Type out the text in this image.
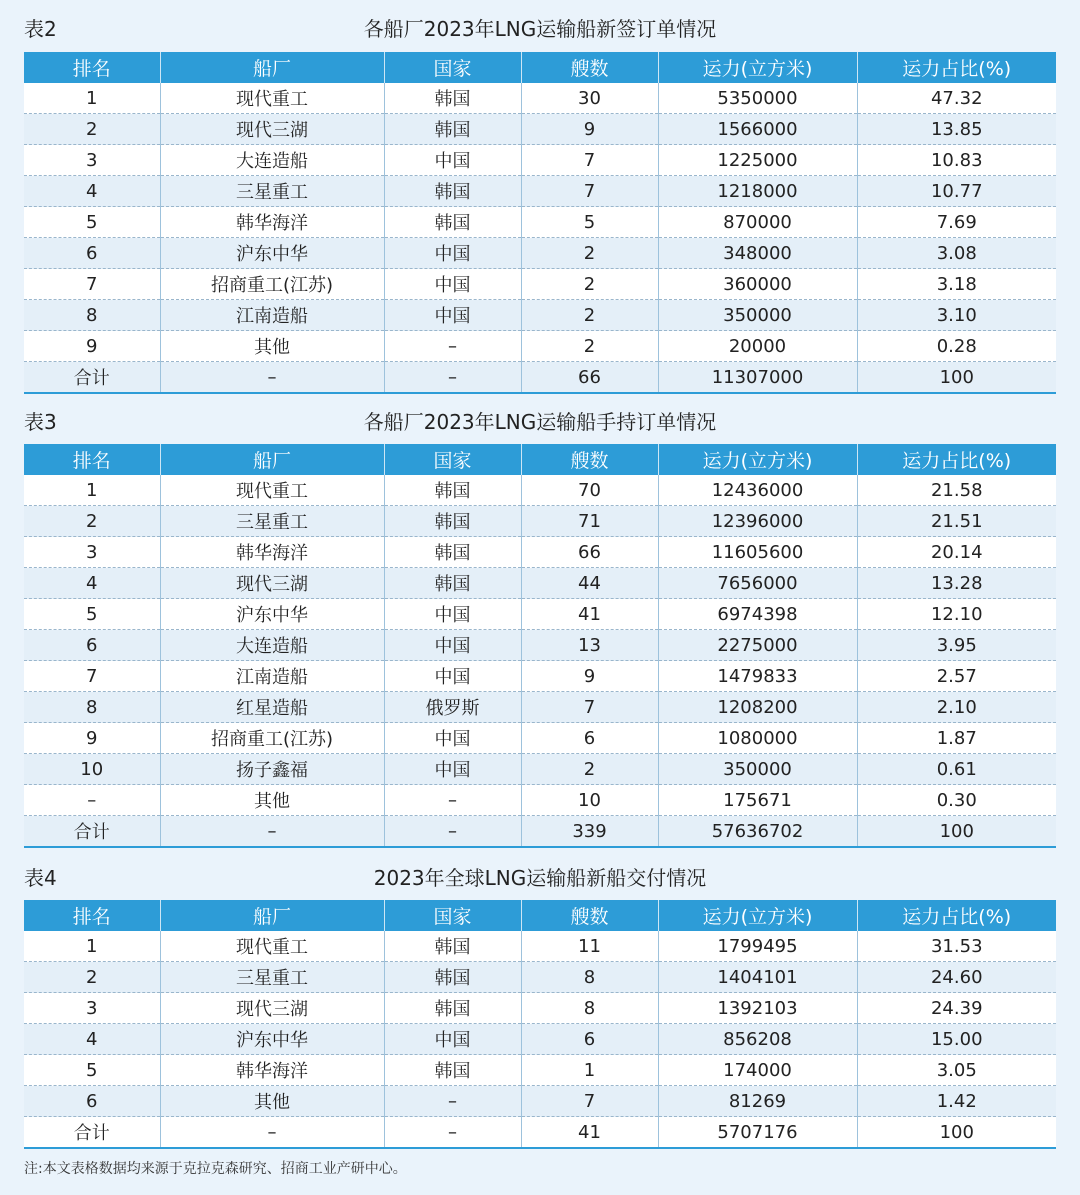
表2	各船厂2023年LNG运输船新签订单情况
排名	船厂	国家	艘数	运力(立方米)	运力占比(%)
1	现代重工	韩国	30	5350000	47.32
2	现代三湖	韩国	9	1566000	13.85
3	大连造船	中国	7	1225000	10.83
4	三星重工	韩国	7	1218000	10.77
5	韩华海洋	韩国	5	870000	7.69
6	沪东中华	中国	2	348000	3.08
7	招商重工(江苏)	中国	2	360000	3.18
8	江南造船	中国	2	350000	3.10
9	其他	–	2	20000	0.28
合计	–	–	66	11307000	100
表3	各船厂2023年LNG运输船手持订单情况
排名	船厂	国家	艘数	运力(立方米)	运力占比(%)
1	现代重工	韩国	70	12436000	21.58
2	三星重工	韩国	71	12396000	21.51
3	韩华海洋	韩国	66	11605600	20.14
4	现代三湖	韩国	44	7656000	13.28
5	沪东中华	中国	41	6974398	12.10
6	大连造船	中国	13	2275000	3.95
7	江南造船	中国	9	1479833	2.57
8	红星造船	俄罗斯	7	1208200	2.10
9	招商重工(江苏)	中国	6	1080000	1.87
10	扬子鑫福	中国	2	350000	0.61
–	其他	–	10	175671	0.30
合计	–	–	339	57636702	100
表4	2023年全球LNG运输船新船交付情况
排名	船厂	国家	艘数	运力(立方米)	运力占比(%)
1	现代重工	韩国	11	1799495	31.53
2	三星重工	韩国	8	1404101	24.60
3	现代三湖	韩国	8	1392103	24.39
4	沪东中华	中国	6	856208	15.00
5	韩华海洋	韩国	1	174000	3.05
6	其他	–	7	81269	1.42
合计	–	–	41	5707176	100
注:本文表格数据均来源于克拉克森研究、招商工业产研中心。
